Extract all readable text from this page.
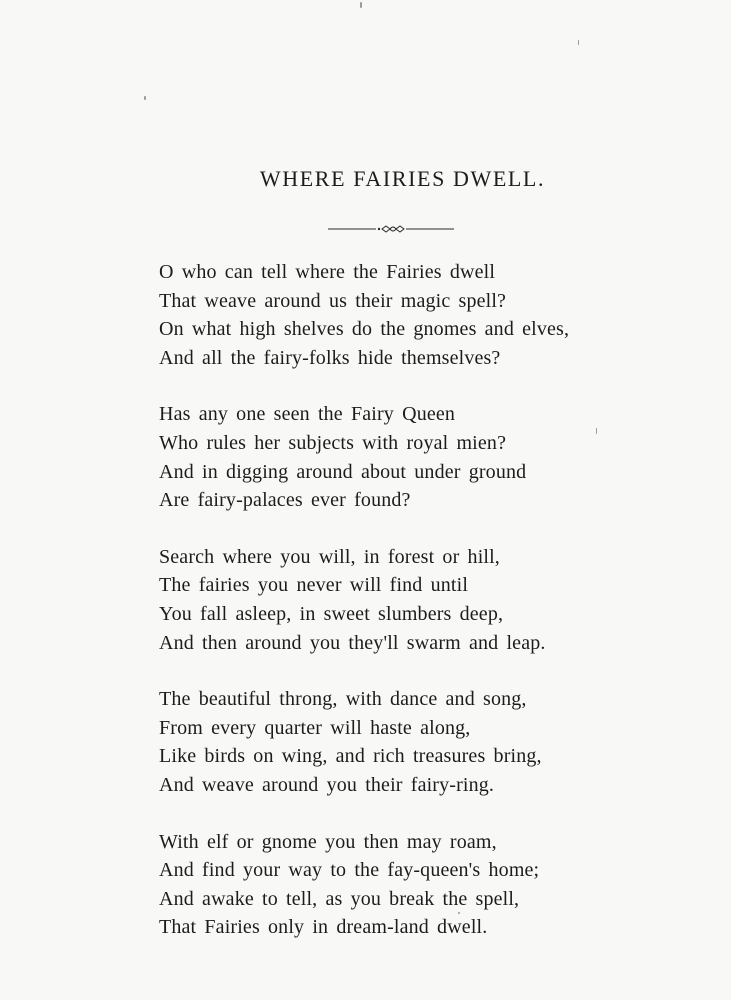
WHERE FAIRIES DWELL.
O who can tell where the Fairies dwell
That weave around us their magic spell?
On what high shelves do the gnomes and elves,
And all the fairy-folks hide themselves?
Has any one seen the Fairy Queen
Who rules her subjects with royal mien?
And in digging around about under ground
Are fairy-palaces ever found?
Search where you will, in forest or hill,
The fairies you never will find until
You fall asleep, in sweet slumbers deep,
And then around you they'll swarm and leap.
The beautiful throng, with dance and song,
From every quarter will haste along,
Like birds on wing, and rich treasures bring,
And weave around you their fairy-ring.
With elf or gnome you then may roam,
And find your way to the fay-queen's home;
And awake to tell, as you break the spell,
That Fairies only in dream-land dwell.
